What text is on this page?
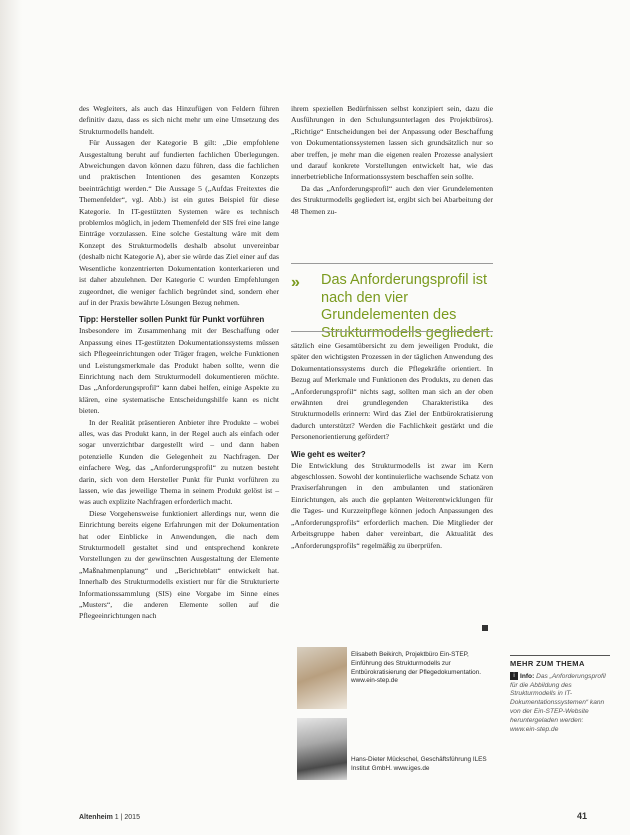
des Wegleiters, als auch das Hinzufügen von Feldern führen definitiv dazu, dass es sich nicht mehr um eine Umsetzung des Strukturmodells handelt.

Für Aussagen der Kategorie B gilt: „Die empfohlene Ausgestaltung beruht auf fundierten fachlichen Überlegungen. Abweichungen davon können dazu führen, dass die fachlichen und praktischen Intentionen des gesamten Konzepts beeinträchtigt werden.“ Die Aussage 5 („Aufdas Freitextes die Themenfelder“, vgl. Abb.) ist ein gutes Beispiel für diese Kategorie. In IT-gestützten Systemen wäre es technisch problemlos möglich, in jedem Themenfeld der SIS frei eine lange Einträge vorzulassen. Eine solche Gestaltung wäre mit dem Konzept des Strukturmodells deshalb absolut unvereinbar (deshalb nicht Kategorie A), aber sie würde das Ziel einer auf das Wesentliche konzentrierten Dokumentation konterkarieren und ist daher abzulehnen. Der Kategorie C wurden Empfehlungen zugeordnet, die weniger fachlich begründet sind, sondern eher auf in der Praxis bewährte Lösungen Bezug nehmen.

Tipp: Hersteller sollen Punkt für Punkt vorführen

Insbesondere im Zusammenhang mit der Beschaffung oder Anpassung eines IT-gestützten Dokumentationssystems müssen sich Pflegeeinrichtungen oder Träger fragen, welche Funktionen und Leistungsmerkmale das Produkt haben sollte, wenn die Einrichtung nach dem Strukturmodell dokumentieren möchte. Das „Anforderungsprofil“ kann dabei helfen, einige Aspekte zu klären, eine systematische Entscheidungshilfe kann es nicht bieten.

In der Realität präsentieren Anbieter ihre Produkte – wobei alles, was das Produkt kann, in der Regel auch als einfach oder sogar unverzichtbar dargestellt wird – und dann haben potenzielle Kunden die Gelegenheit zu Nachfragen. Der einfachere Weg, das „Anforderungsprofil“ zu nutzen besteht darin, sich von dem Hersteller Punkt für Punkt vorführen zu lassen, wie das jeweilige Thema in seinem Produkt gelöst ist – was auch explizite Nachfragen erforderlich macht.

Diese Vorgehensweise funktioniert allerdings nur, wenn die Einrichtung bereits eigene Erfahrungen mit der Dokumentation hat oder Einblicke in Anwendungen, die nach dem Strukturmodell gestaltet sind und entsprechend konkrete Vorstellungen zu der gewünschten Ausgestaltung der Elemente „Maßnahmenplanung“ und „Berichteblatt“ entwickelt hat. Innerhalb des Strukturmodells existiert nur für die Strukturierte Informationssammlung (SIS) eine Vorgabe im Sinne eines „Musters“, die anderen Elemente sollen auf die Pflegeeinrichtungen nach

ihrem speziellen Bedürfnissen selbst konzipiert sein, dazu die Ausführungen in den Schulungsunterlagen des Projektbüros). „Richtige“ Entscheidungen bei der Anpassung oder Beschaffung von Dokumentationssystemen lassen sich grundsätzlich nur so aber treffen, je mehr man die eigenen realen Prozesse analysiert und darauf konkrete Vorstellungen entwickelt hat, wie das innerbetriebliche Informationssystem beschaffen sein sollte.

Da das „Anforderungsprofil“ auch den vier Grundelementen des Strukturmodells gegliedert ist, ergibt sich bei Abarbeitung der 48 Themen zu-

» Das Anforderungsprofil ist nach den vier Grundelementen des Strukturmodells gegliedert.

sätzlich eine Gesamtübersicht zu dem jeweiligen Produkt, die später den wichtigsten Prozessen in der täglichen Anwendung des Dokumentationssystems durch die Pflegekräfte orientiert. In Bezug auf Merkmale und Funktionen des Produkts, zu denen das „Anforderungsprofil“ nichts sagt, sollten man sich an der oben erwähnten drei grundlegenden Charakteristika des Strukturmodells erinnern: Wird das Ziel der Entbürokratisierung dadurch unterstützt? Werden die Fachlichkeit gestärkt und die Personenorientierung gefördert?

Wie geht es weiter?

Die Entwicklung des Strukturmodells ist zwar im Kern abgeschlossen. Sowohl der kontinuierliche wachsende Schatz von Praxiserfahrungen in den ambulanten und stationären Einrichtungen, als auch die geplanten Weiterentwicklungen für die Tages- und Kurzzeitpflege können jedoch Anpassungen des „Anforderungsprofils“ erforderlich machen. Die Mitglieder der Arbeitsgruppe haben daher vereinbart, die Aktualität des „Anforderungsprofils“ regelmäßig zu überprüfen.

Elisabeth Beikirch, Projektbüro Ein-STEP, Einführung des Strukturmodells zur Entbürokratisierung der Pflegedokumentation. www.ein-step.de
Hans-Dieter Mückschel, Geschäftsführung ILES Institut GmbH. www.iges.de
MEHR ZUM THEMA
i Info: Das „Anforderungsprofil für die Abbildung des Strukturmodells in IT-Dokumentationssystemen“ kann von der Ein-STEP-Website heruntergeladen werden: www.ein-step.de
Altenheim 1 | 2015	41
